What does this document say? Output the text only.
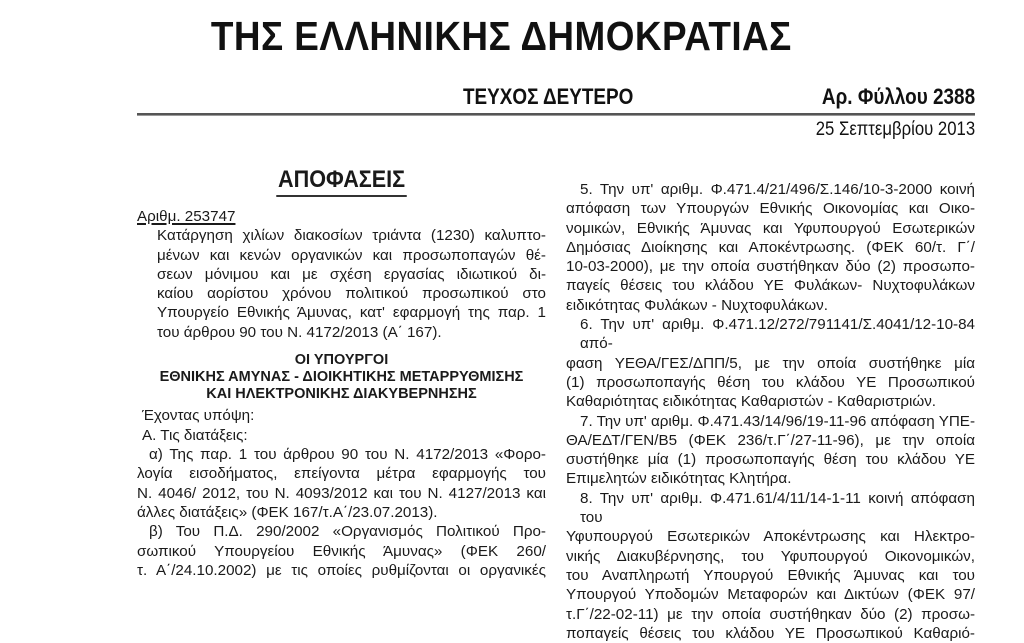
ΤΗΣ ΕΛΛΗΝΙΚΗΣ ΔΗΜΟΚΡΑΤΙΑΣ
ΤΕΥΧΟΣ ΔΕΥΤΕΡΟ	Αρ. Φύλλου 2388
25 Σεπτεμβρίου 2013
ΑΠΟΦΑΣΕΙΣ
Αριθμ. 253747
Κατάργηση χιλίων διακοσίων τριάντα (1230) καλυπτο-
μένων και κενών οργανικών και προσωποπαγών θέ-
σεων μόνιμου και με σχέση εργασίας ιδιωτικού δι-
καίου αορίστου χρόνου πολιτικού προσωπικού στο
Υπουργείο Εθνικής Άμυνας, κατ' εφαρμογή της παρ. 1
του άρθρου 90 του Ν. 4172/2013 (Α΄ 167).
ΟΙ ΥΠΟΥΡΓΟΙ
ΕΘΝΙΚΗΣ ΑΜΥΝΑΣ - ΔΙΟΙΚΗΤΙΚΗΣ ΜΕΤΑΡΡΥΘΜΙΣΗΣ
ΚΑΙ ΗΛΕΚΤΡΟΝΙΚΗΣ ΔΙΑΚΥΒΕΡΝΗΣΗΣ
Έχοντας υπόψη:
Α. Τις διατάξεις:
α) Της παρ. 1 του άρθρου 90 του Ν. 4172/2013 «Φορο-
λογία εισοδήματος, επείγοντα μέτρα εφαρμογής του
Ν. 4046/ 2012, του Ν. 4093/2012 και του Ν. 4127/2013 και
άλλες διατάξεις» (ΦΕΚ 167/τ.Α΄/23.07.2013).
β) Του Π.Δ. 290/2002 «Οργανισμός Πολιτικού Προ-
σωπικού Υπουργείου Εθνικής Άμυνας» (ΦΕΚ 260/
τ. Α΄/24.10.2002) με τις οποίες ρυθμίζονται οι οργανικές
5. Την υπ' αριθμ. Φ.471.4/21/496/Σ.146/10-3-2000 κοινή
απόφαση των Υπουργών Εθνικής Οικονομίας και Οικο-
νομικών, Εθνικής Άμυνας και Υφυπουργού Εσωτερικών
Δημόσιας Διοίκησης και Αποκέντρωσης. (ΦΕΚ 60/τ. Γ΄/
10-03-2000), με την οποία συστήθηκαν δύο (2) προσωπο-
παγείς θέσεις του κλάδου ΥΕ Φυλάκων- Νυχτοφυλάκων
ειδικότητας Φυλάκων - Νυχτοφυλάκων.
6. Την υπ' αριθμ. Φ.471.12/272/791141/Σ.4041/12-10-84 από-
φαση ΥΕΘΑ/ΓΕΣ/ΔΠΠ/5, με την οποία συστήθηκε μία
(1) προσωποπαγής θέση του κλάδου ΥΕ Προσωπικού
Καθαριότητας ειδικότητας Καθαριστών - Καθαριστριών.
7. Την υπ' αριθμ. Φ.471.43/14/96/19-11-96 απόφαση ΥΠΕ-
ΘΑ/ΕΔΤ/ΓΕΝ/Β5 (ΦΕΚ 236/τ.Γ΄/27-11-96), με την οποία
συστήθηκε μία (1) προσωποπαγής θέση του κλάδου ΥΕ
Επιμελητών ειδικότητας Κλητήρα.
8. Την υπ' αριθμ. Φ.471.61/4/11/14-1-11 κοινή απόφαση του
Υφυπουργού Εσωτερικών Αποκέντρωσης και Ηλεκτρο-
νικής Διακυβέρνησης, του Υφυπουργού Οικονομικών,
του Αναπληρωτή Υπουργού Εθνικής Άμυνας και του
Υπουργού Υποδομών Μεταφορών και Δικτύων (ΦΕΚ 97/
τ.Γ΄/22-02-11) με την οποία συστήθηκαν δύο (2) προσω-
ποπαγείς θέσεις του κλάδου ΥΕ Προσωπικού Καθαριό-
